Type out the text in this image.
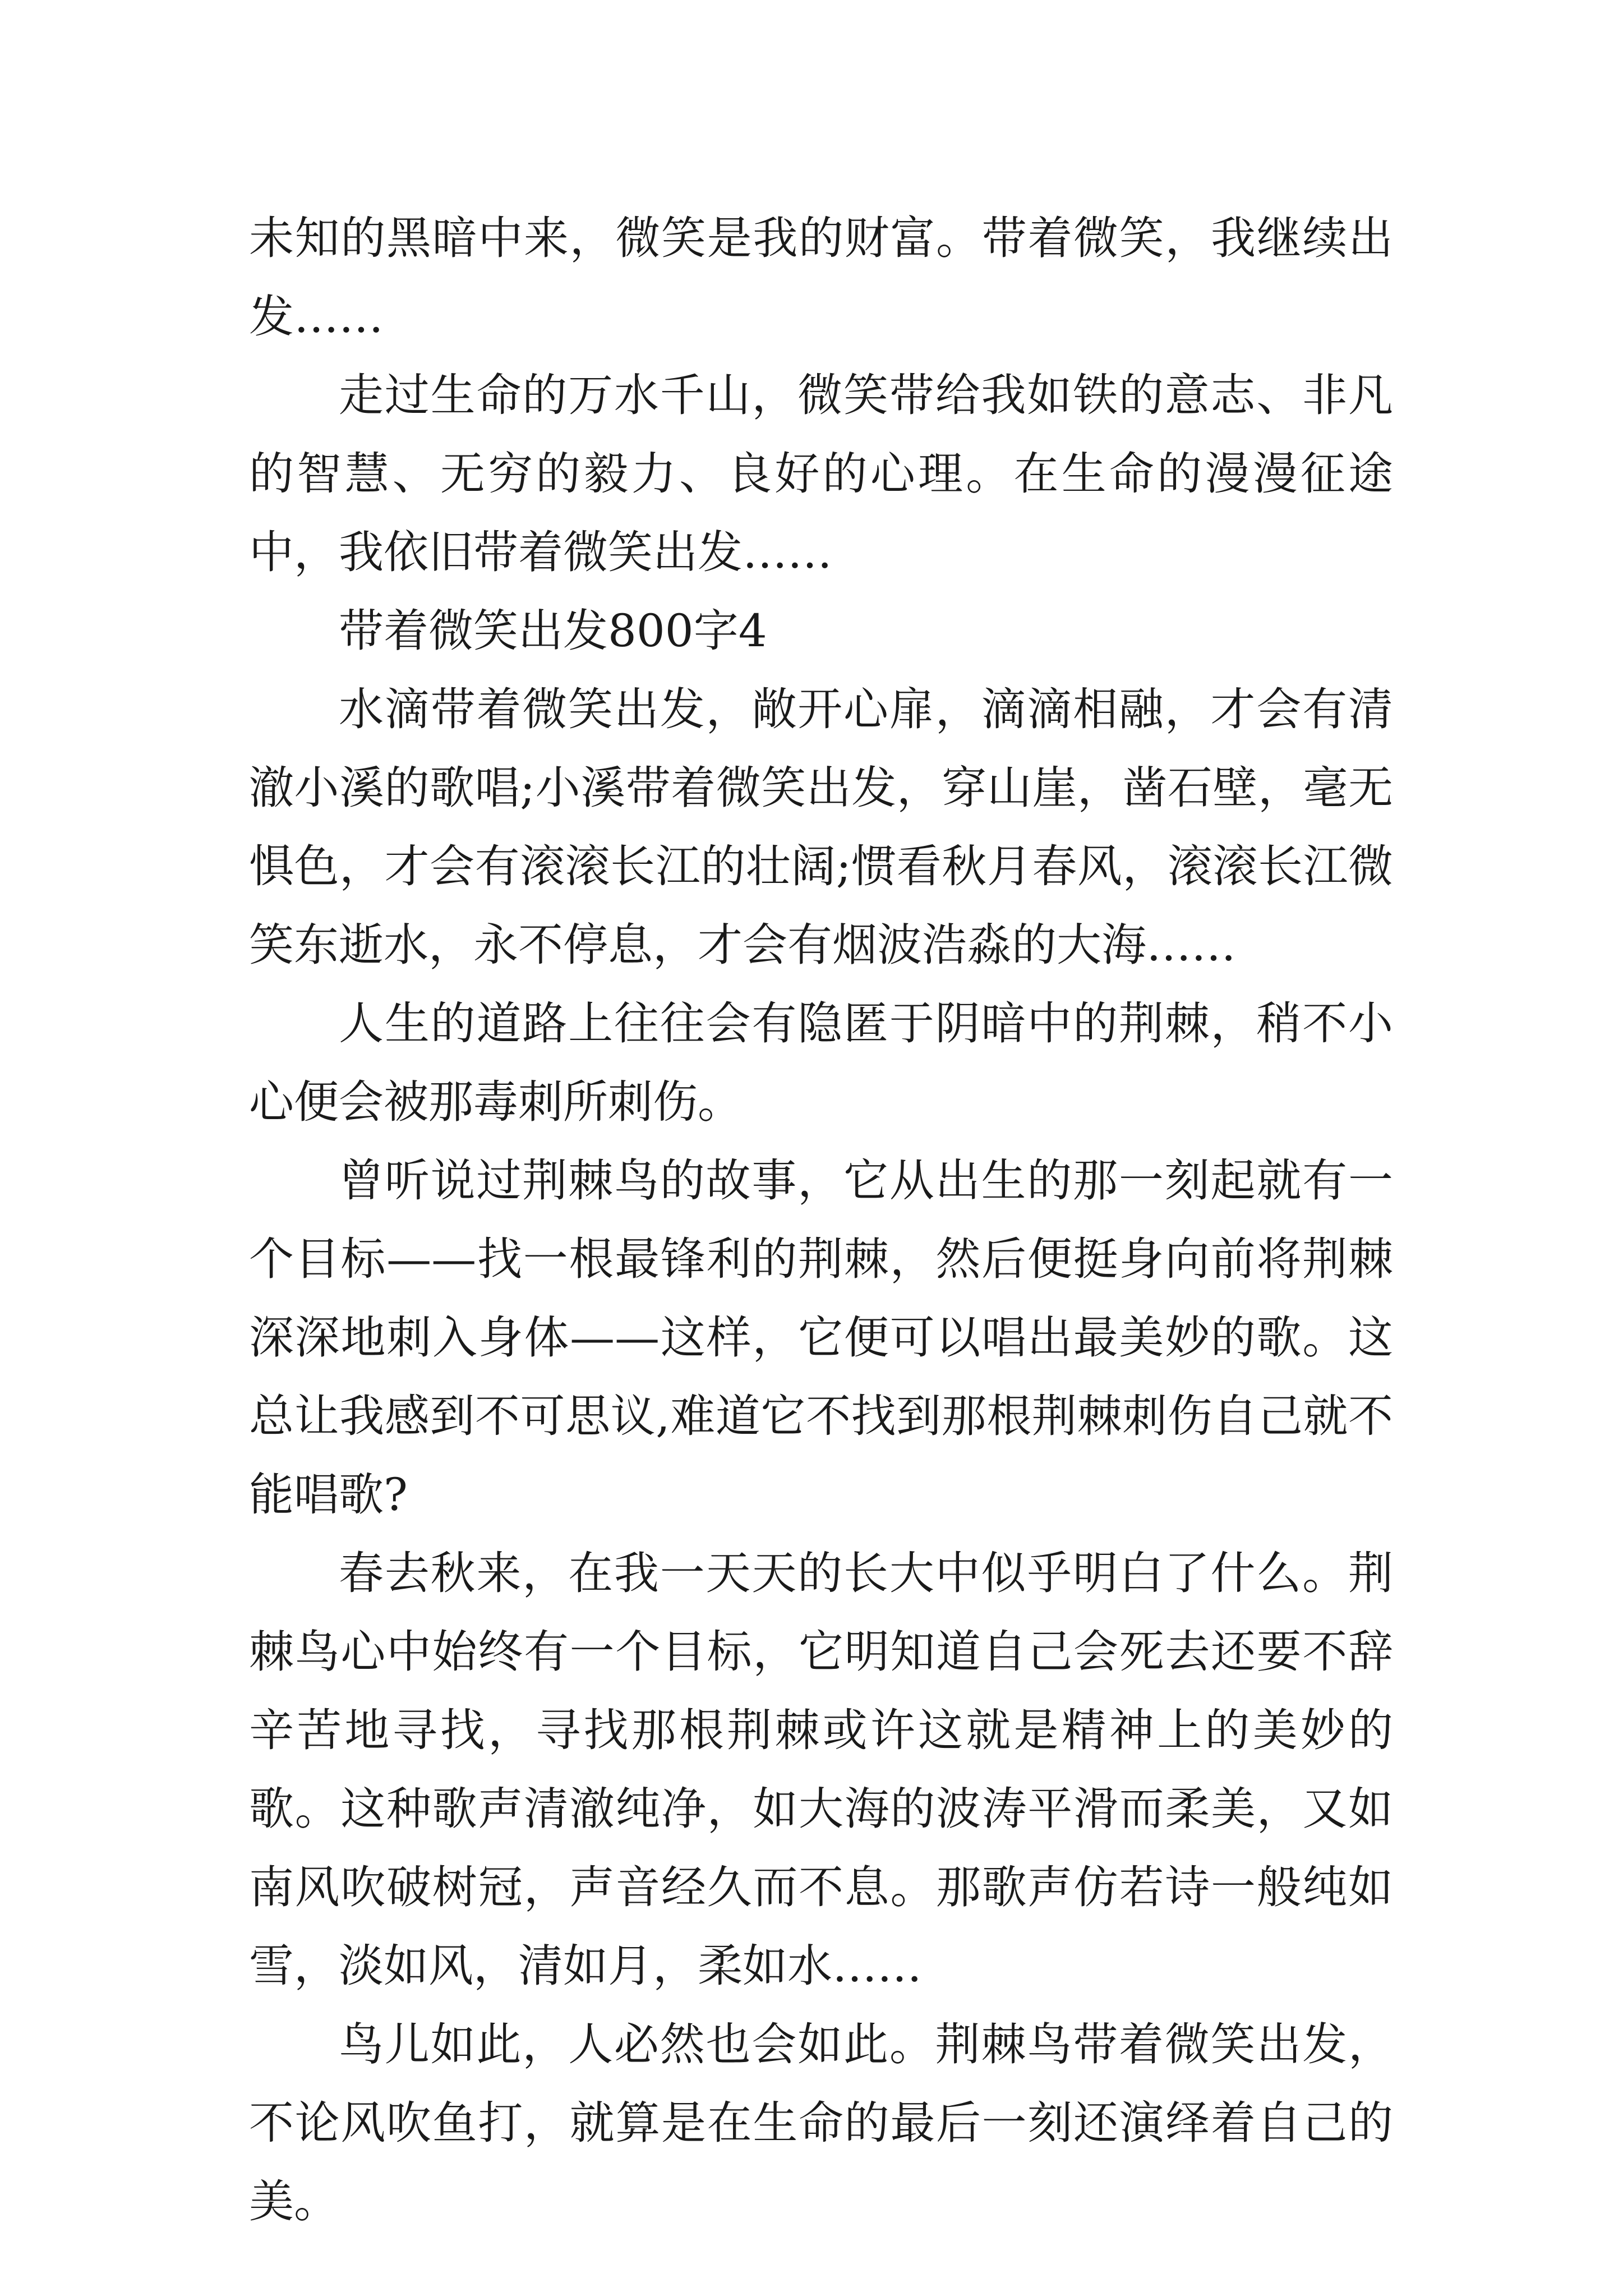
未知的黑暗中来，微笑是我的财富。带着微笑，我继续出发……

走过生命的万水千山，微笑带给我如铁的意志、非凡的智慧、无穷的毅力、良好的心理。在生命的漫漫征途中，我依旧带着微笑出发……

带着微笑出发800字4

水滴带着微笑出发，敞开心扉，滴滴相融，才会有清澈小溪的歌唱;小溪带着微笑出发，穿山崖，凿石壁，毫无惧色，才会有滚滚长江的壮阔;惯看秋月春风，滚滚长江微笑东逝水，永不停息，才会有烟波浩淼的大海……

人生的道路上往往会有隐匿于阴暗中的荆棘，稍不小心便会被那毒刺所刺伤。

曾听说过荆棘鸟的故事，它从出生的那一刻起就有一个目标——找一根最锋利的荆棘，然后便挺身向前将荆棘深深地刺入身体——这样，它便可以唱出最美妙的歌。这总让我感到不可思议,难道它不找到那根荆棘刺伤自己就不能唱歌?

春去秋来，在我一天天的长大中似乎明白了什么。荆棘鸟心中始终有一个目标，它明知道自己会死去还要不辞辛苦地寻找，寻找那根荆棘或许这就是精神上的美妙的歌。这种歌声清澈纯净，如大海的波涛平滑而柔美，又如南风吹破树冠，声音经久而不息。那歌声仿若诗一般纯如雪，淡如风，清如月，柔如水……

鸟儿如此，人必然也会如此。荆棘鸟带着微笑出发，不论风吹鱼打，就算是在生命的最后一刻还演绎着自己的美。
